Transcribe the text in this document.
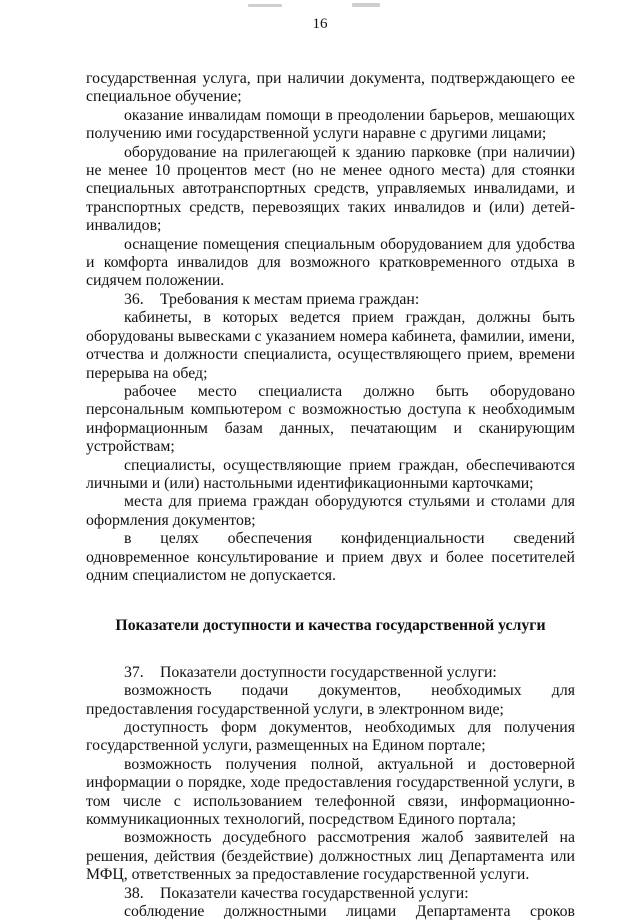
16

государственная услуга, при наличии документа, подтверждающего ее специальное обучение;

оказание инвалидам помощи в преодолении барьеров, мешающих получению ими государственной услуги наравне с другими лицами;

оборудование на прилегающей к зданию парковке (при наличии) не менее 10 процентов мест (но не менее одного места) для стоянки специальных автотранспортных средств, управляемых инвалидами, и транспортных средств, перевозящих таких инвалидов и (или) детей-инвалидов;

оснащение помещения специальным оборудованием для удобства и комфорта инвалидов для возможного кратковременного отдыха в сидячем положении.

36. Требования к местам приема граждан:

кабинеты, в которых ведется прием граждан, должны быть оборудованы вывесками с указанием номера кабинета, фамилии, имени, отчества и должности специалиста, осуществляющего прием, времени перерыва на обед;

рабочее место специалиста должно быть оборудовано персональным компьютером с возможностью доступа к необходимым информационным базам данных, печатающим и сканирующим устройствам;

специалисты, осуществляющие прием граждан, обеспечиваются личными и (или) настольными идентификационными карточками;

места для приема граждан оборудуются стульями и столами для оформления документов;

в целях обеспечения конфиденциальности сведений одновременное консультирование и прием двух и более посетителей одним специалистом не допускается.

Показатели доступности и качества государственной услуги

37. Показатели доступности государственной услуги:

возможность подачи документов, необходимых для предоставления государственной услуги, в электронном виде;

доступность форм документов, необходимых для получения государственной услуги, размещенных на Едином портале;

возможность получения полной, актуальной и достоверной информации о порядке, ходе предоставления государственной услуги, в том числе с использованием телефонной связи, информационно-коммуникационных технологий, посредством Единого портала;

возможность досудебного рассмотрения жалоб заявителей на решения, действия (бездействие) должностных лиц Департамента или МФЦ, ответственных за предоставление государственной услуги.

38. Показатели качества государственной услуги:

соблюдение должностными лицами Департамента сроков
